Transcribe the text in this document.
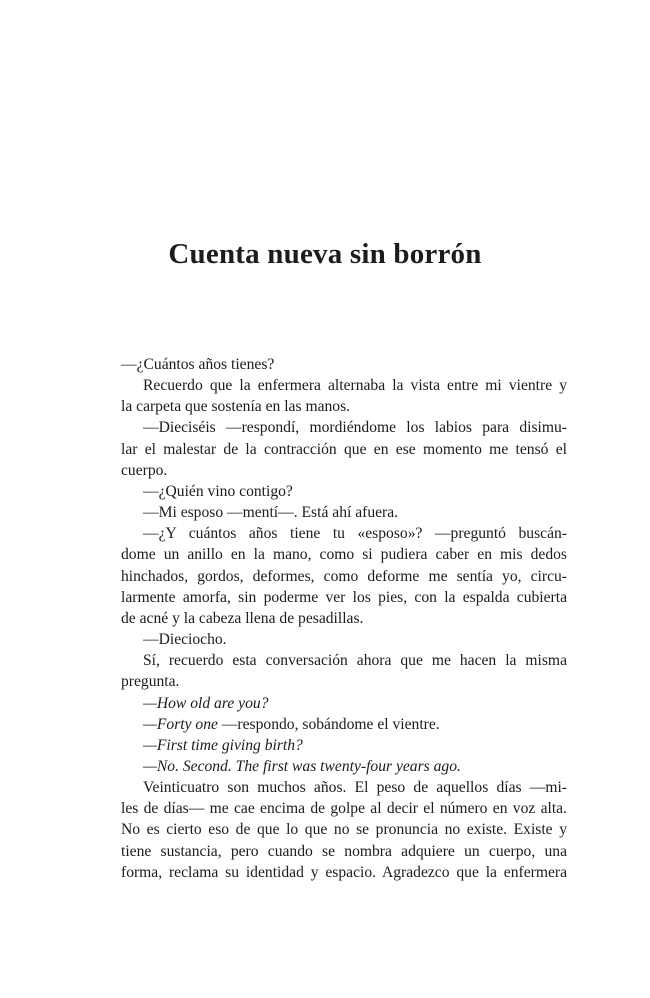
Cuenta nueva sin borrón
—¿Cuántos años tienes?
Recuerdo que la enfermera alternaba la vista entre mi vientre y
la carpeta que sostenía en las manos.
—Dieciséis —respondí, mordiéndome los labios para disimu-
lar el malestar de la contracción que en ese momento me tensó el
cuerpo.
—¿Quién vino contigo?
—Mi esposo —mentí—. Está ahí afuera.
—¿Y cuántos años tiene tu «esposo»? —preguntó buscán-
dome un anillo en la mano, como si pudiera caber en mis dedos
hinchados, gordos, deformes, como deforme me sentía yo, circu-
larmente amorfa, sin poderme ver los pies, con la espalda cubierta
de acné y la cabeza llena de pesadillas.
—Dieciocho.
Sí, recuerdo esta conversación ahora que me hacen la misma
pregunta.
—How old are you?
—Forty one —respondo, sobándome el vientre.
—First time giving birth?
—No. Second. The first was twenty-four years ago.
Veinticuatro son muchos años. El peso de aquellos días —mi-
les de días— me cae encima de golpe al decir el número en voz alta.
No es cierto eso de que lo que no se pronuncia no existe. Existe y
tiene sustancia, pero cuando se nombra adquiere un cuerpo, una
forma, reclama su identidad y espacio. Agradezco que la enfermera
